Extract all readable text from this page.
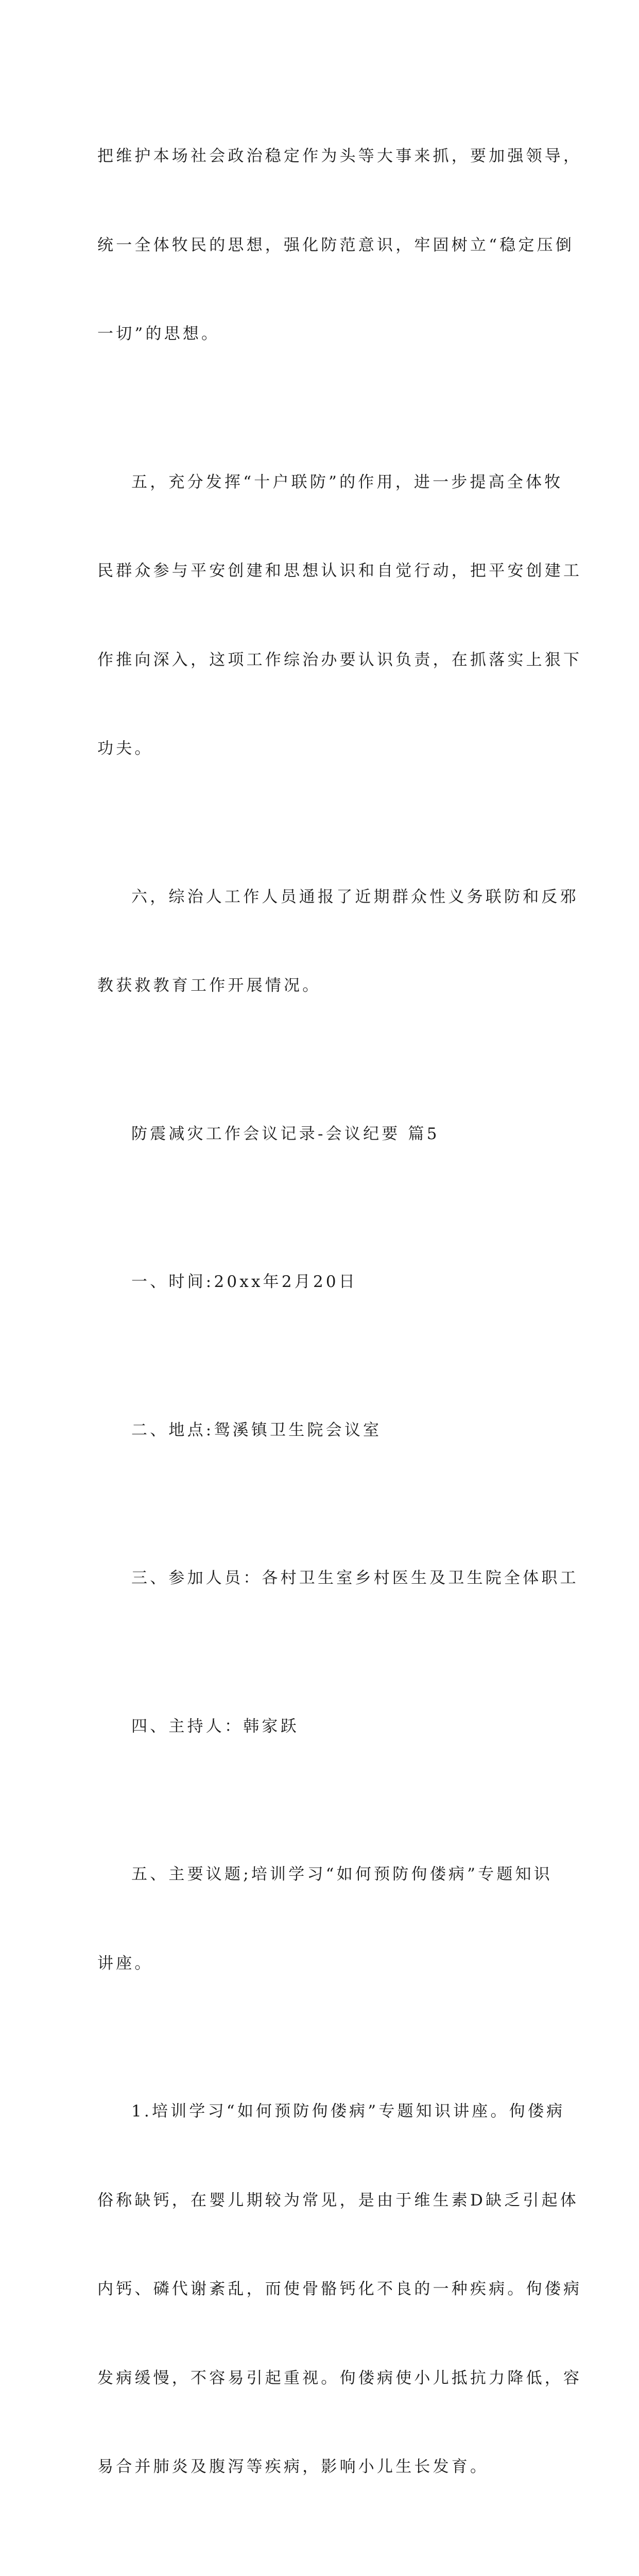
把维护本场社会政治稳定作为头等大事来抓，要加强领导，

统一全体牧民的思想，强化防范意识，牢固树立“稳定压倒

一切”的思想。

五，充分发挥“十户联防”的作用，进一步提高全体牧

民群众参与平安创建和思想认识和自觉行动，把平安创建工

作推向深入，这项工作综治办要认识负责，在抓落实上狠下

功夫。

六，综治人工作人员通报了近期群众性义务联防和反邪

教获救教育工作开展情况。

防震减灾工作会议记录-会议纪要 篇5

一、时间:20xx年2月20日

二、地点:鸳溪镇卫生院会议室

三、参加人员：各村卫生室乡村医生及卫生院全体职工

四、主持人：韩家跃

五、主要议题;培训学习“如何预防佝偻病”专题知识

讲座。

1.培训学习“如何预防佝偻病”专题知识讲座。佝偻病

俗称缺钙，在婴儿期较为常见，是由于维生素D缺乏引起体

内钙、磷代谢紊乱，而使骨骼钙化不良的一种疾病。佝偻病

发病缓慢，不容易引起重视。佝偻病使小儿抵抗力降低，容

易合并肺炎及腹泻等疾病，影响小儿生长发育。
